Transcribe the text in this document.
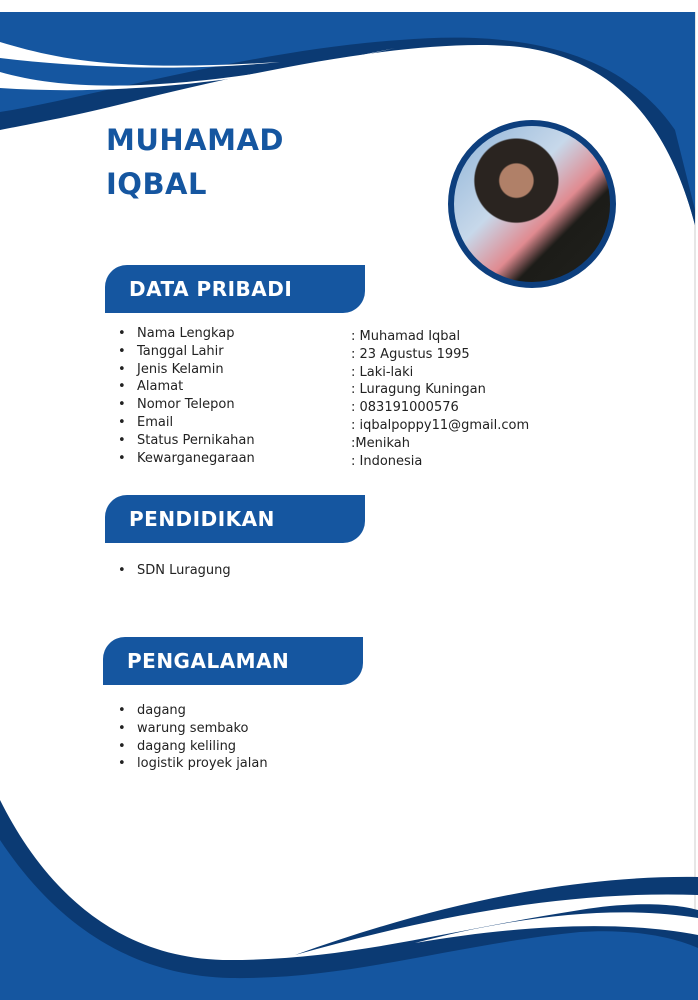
MUHAMAD
IQBAL
DATA PRIBADI
• Nama Lengkap
• Tanggal Lahir
• Jenis Kelamin
• Alamat
• Nomor Telepon
• Email
• Status Pernikahan
• Kewarganegaraan
: Muhamad Iqbal
: 23 Agustus 1995
: Laki-laki
: Luragung Kuningan
: 083191000576
: iqbalpoppy11@gmail.com
:Menikah
: Indonesia
PENDIDIKAN
• SDN Luragung
PENGALAMAN
• dagang
• warung sembako
• dagang keliling
• logistik proyek jalan
